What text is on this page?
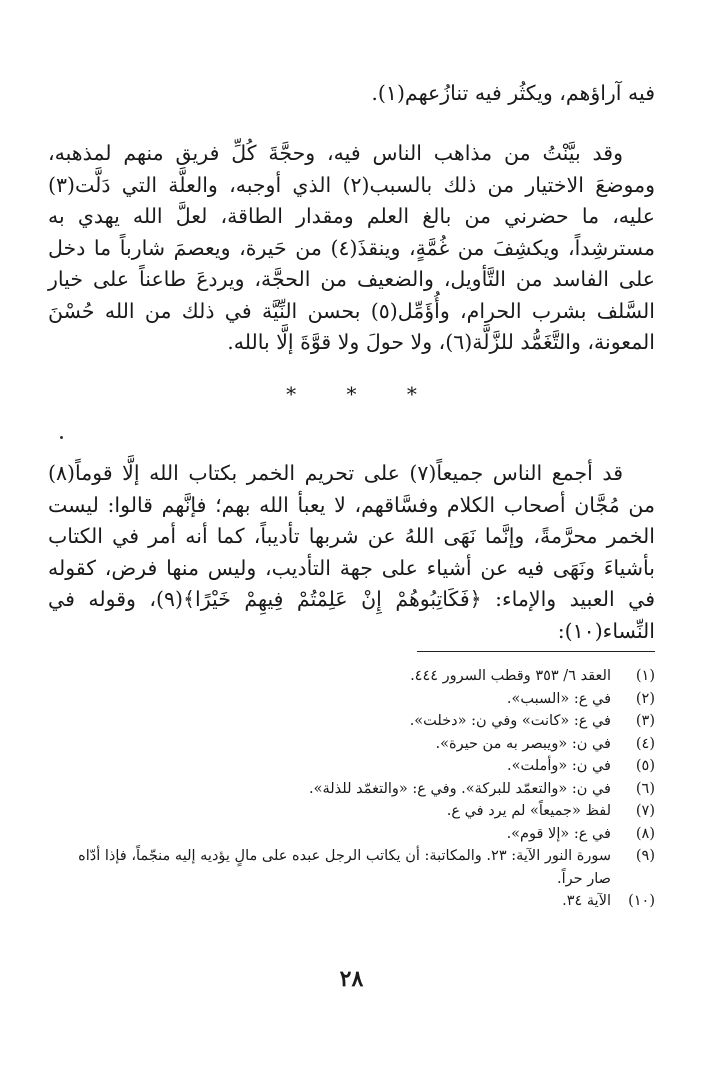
فيه آراؤهم، ويكثُر فيه تنازُعهم(١).

وقد بيَّنْتُ من مذاهب الناس فيه، وحجَّةَ كُلِّ فريق منهم لمذهبه، وموضعَ الاختيار من ذلك بالسبب(٢) الذي أوجبه، والعلَّة التي دَلَّت(٣) عليه، ما حضرني من بالغ العلم ومقدار الطاقة، لعلَّ الله يهدي به مسترشِداً، ويكشِفَ من غُمَّةٍ، وينقذَ(٤) من حَيرة، ويعصمَ شارباً ما دخل على الفاسد من التَّأويل، والضعيف من الحجَّة، ويردعَ طاعناً على خيار السَّلف بشرب الحرام، وأُؤَمِّل(٥) بحسن النِّيَّة في ذلك من الله حُسْنَ المعونة، والتَّغَمُّد للزَّلَّة(٦)، ولا حولَ ولا قوَّةَ إلَّا بالله.

* * *

قد أجمع الناس جميعاً(٧) على تحريم الخمر بكتاب الله إلَّا قوماً(٨) من مُجَّان أصحاب الكلام وفسَّاقهم، لا يعبأ الله بهم؛ فإنَّهم قالوا: ليست الخمر محرَّمةً، وإنَّما نَهَى اللهُ عن شربها تأديباً، كما أنه أمر في الكتاب بأشياءَ ونَهَى فيه عن أشياء على جهة التأديب، وليس منها فرض، كقوله في العبيد والإماء: ﴿فَكَاتِبُوهُمْ إِنْ عَلِمْتُمْ فِيهِمْ خَيْرًا﴾(٩)، وقوله في النِّساء(١٠):

(١)
العقد ٦/ ٣٥٣ وقطب السرور ٤٤٤.
(٢)
في ع: «السبب».
(٣)
في ع: «كانت» وفي ن: «دخلت».
(٤)
في ن: «ويبصر به من حيرة».
(٥)
في ن: «وأملت».
(٦)
في ن: «والتعمّد للبركة». وفي ع: «والتغمّد للذلة».
(٧)
لفظ «جميعاً» لم يرد في ع.
(٨)
في ع: «إلا قوم».
(٩)
سورة النور الآية: ٢٣. والمكاتبة: أن يكاتب الرجل عبده على مالٍ يؤديه إليه منجّماً، فإذا أدّاه صار حراً.
(١٠)
الآية ٣٤.
٢٨
